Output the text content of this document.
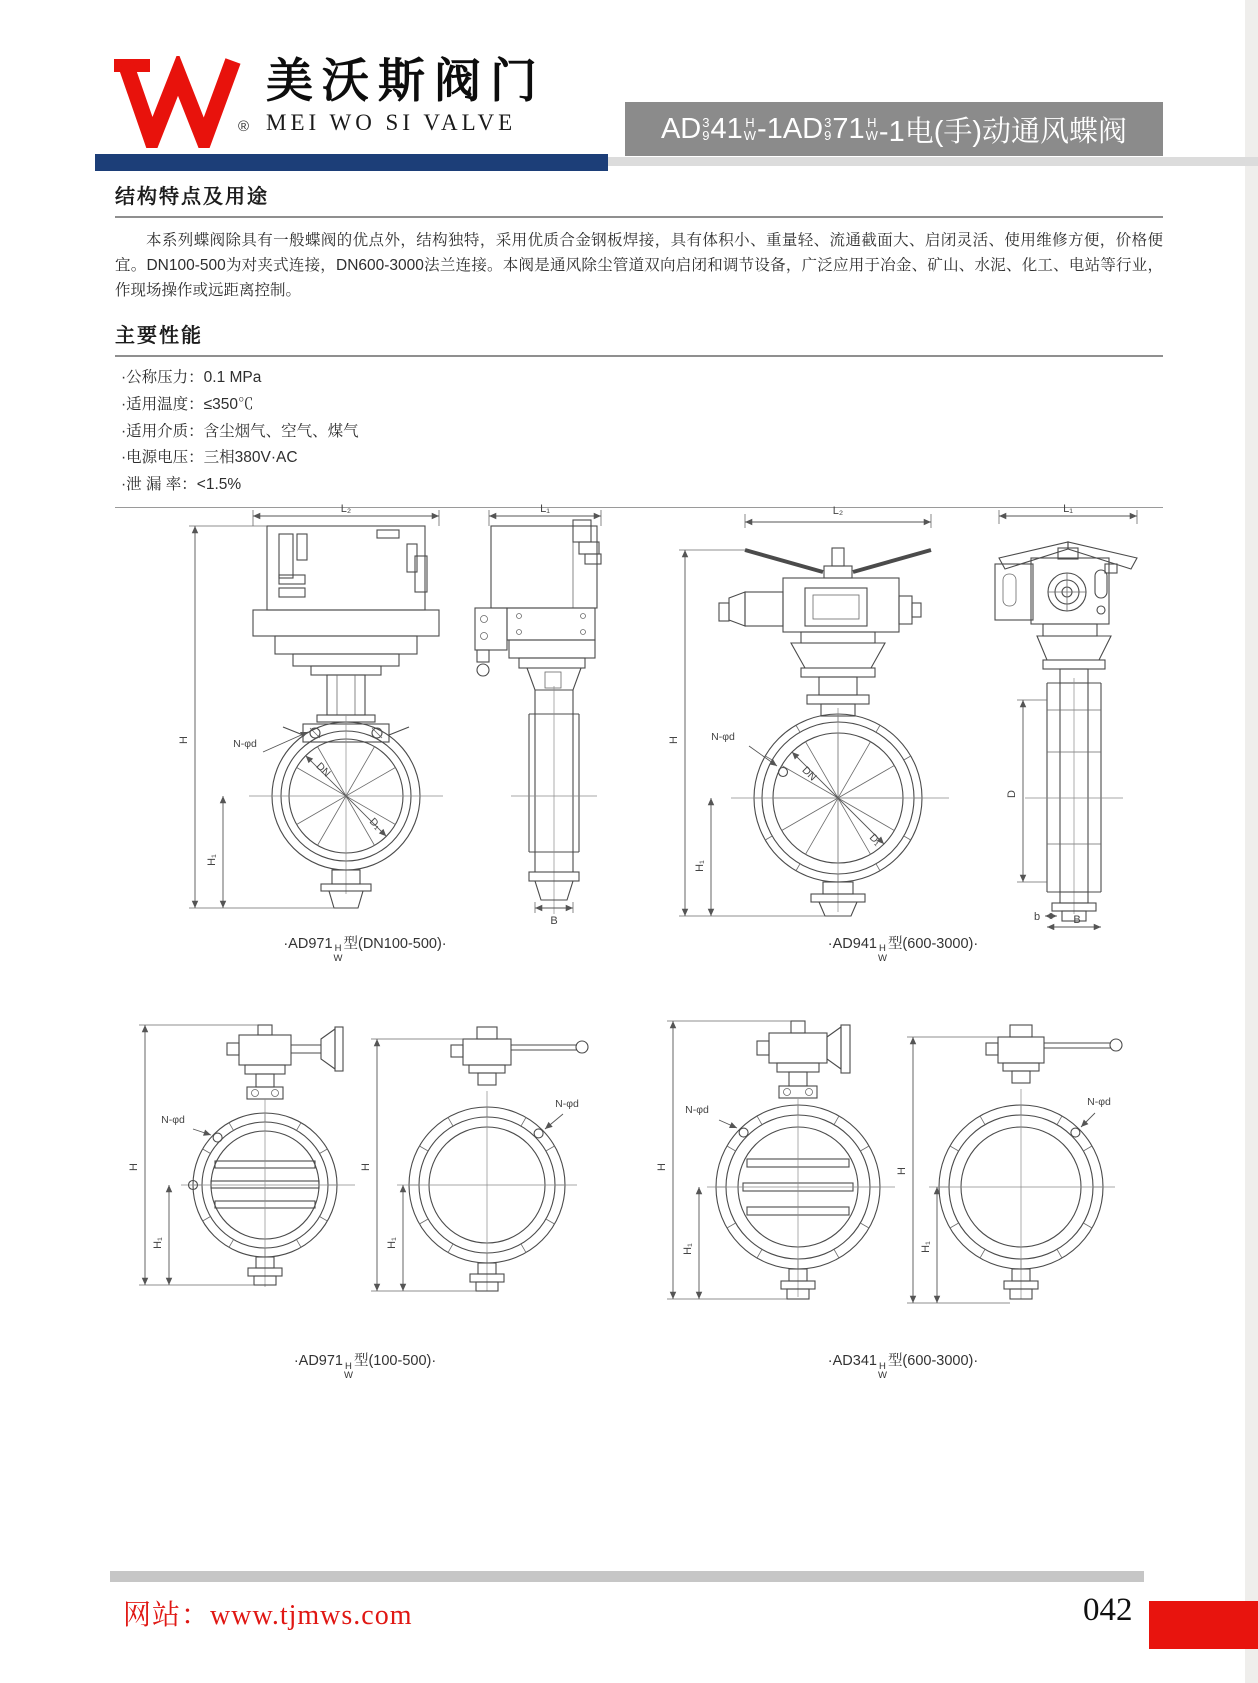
®
美沃斯阀门
MEI WO SI VALVE	AD 3
9 41 H
W -1AD 3
9 71 H
W -1电(手)动通风蝶阀
结构特点及用途

本系列蝶阀除具有一般蝶阀的优点外，结构独特，采用优质合金钢板焊接，具有体积小、重量轻、流通截面大、启闭灵活、使用维修方便，价格便宜。DN100-500为对夹式连接，DN600-3000法兰连接。本阀是通风除尘管道双向启闭和调节设备，广泛应用于冶金、矿山、水泥、化工、电站等行业，作现场操作或远距离控制。

主要性能
·公称压力：0.1 MPa
·适用温度：≤350℃
·适用介质：含尘烟气、空气、煤气
·电源电压：三相380V·AC
·泄 漏 率：<1.5%
L₂
DN
D₁
H
H₁
N-φd
L₁
B

·AD971 H
W
型(DN100-500)·

L₂
N-φd
DN
D₁
H
H₁
L₁
D
b	B

·AD941 H
W
型(600-3000)·

N-φd
H
H₁
N-φd
H
H₁

·AD971 H
W
型(100-500)·

N-φd
H
H₁
N-φd
H
H₁

·AD341 H
W
型(600-3000)·

网站：www.tjmws.com	042
